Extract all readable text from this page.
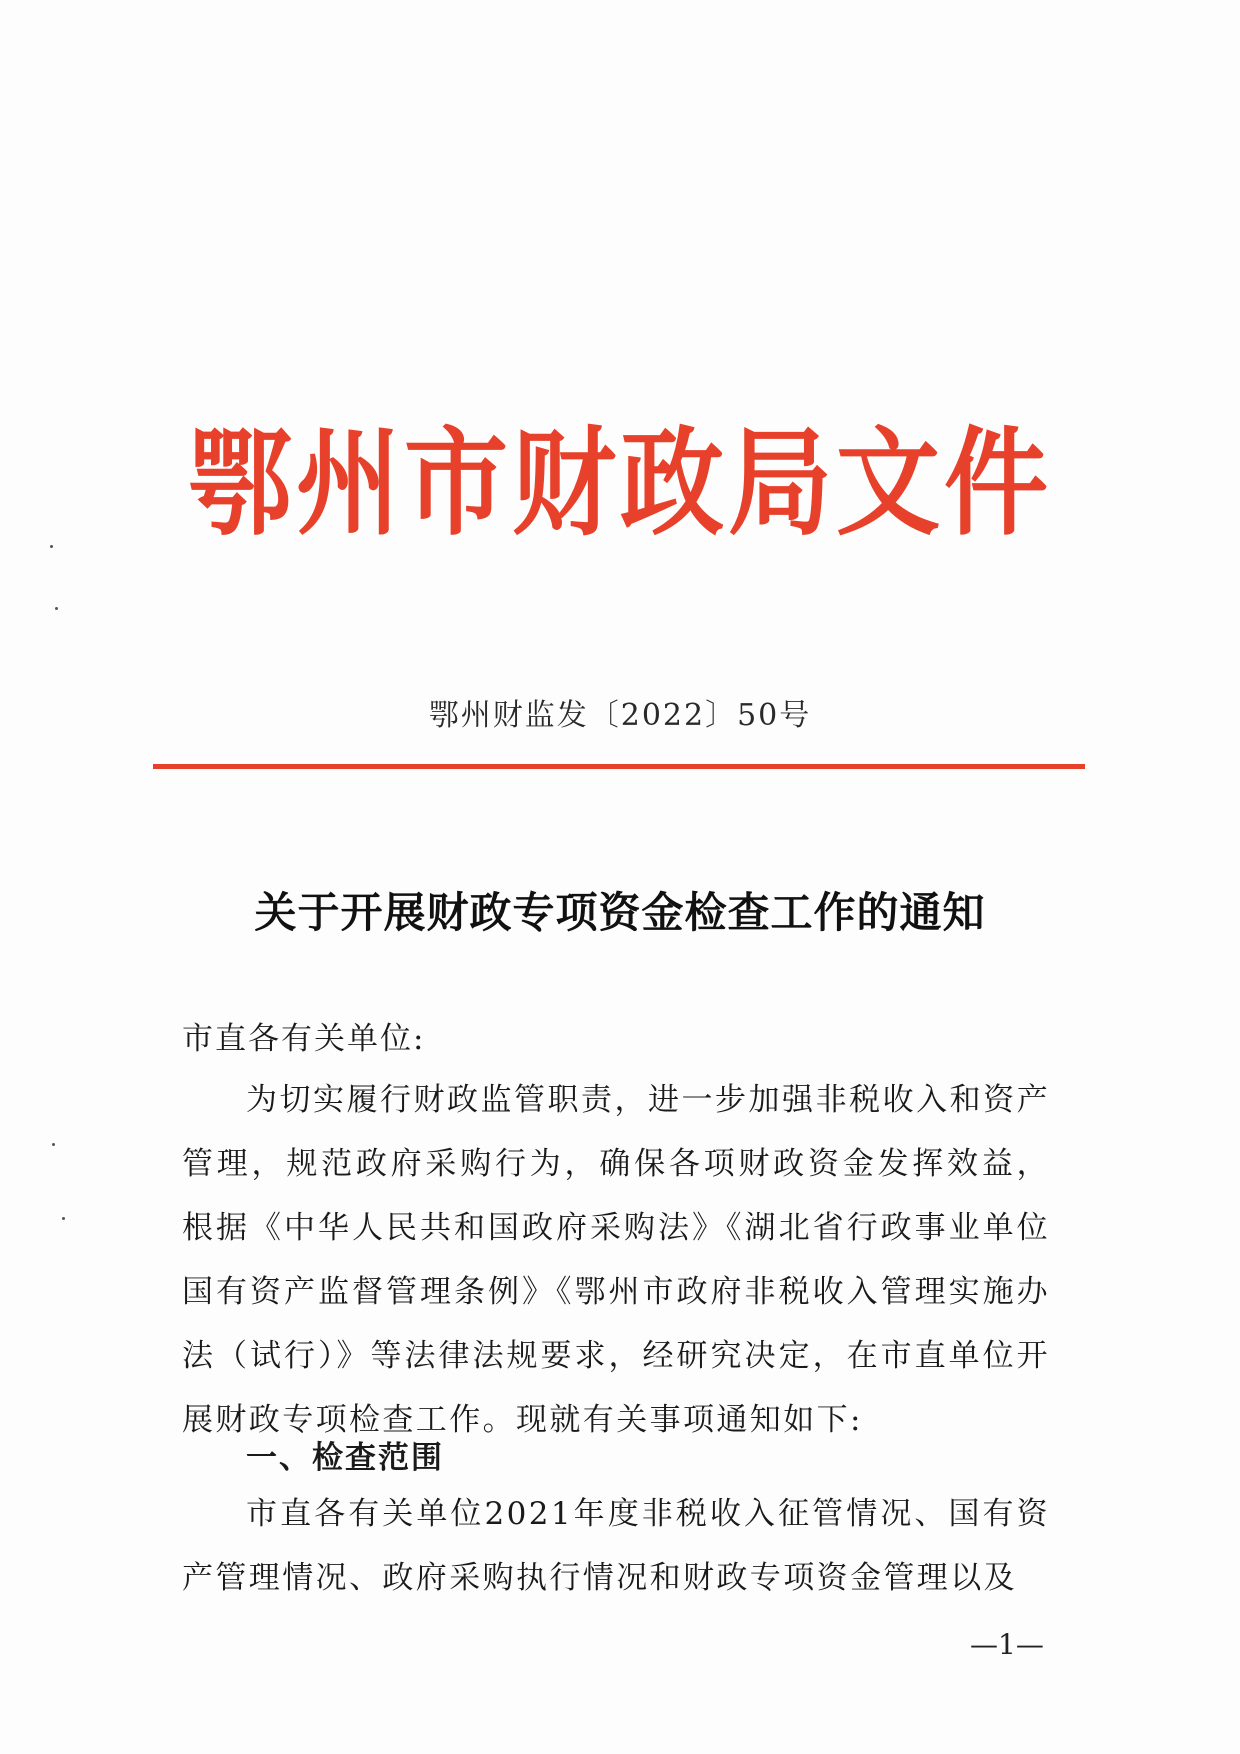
鄂州市财政局文件
鄂州财监发〔2022〕50号
关于开展财政专项资金检查工作的通知
市直各有关单位:
为切实履行财政监管职责，进一步加强非税收入和资产管理，规范政府采购行为，确保各项财政资金发挥效益，根据《中华人民共和国政府采购法》《湖北省行政事业单位国有资产监督管理条例》《鄂州市政府非税收入管理实施办法（试行）》等法律法规要求，经研究决定，在市直单位开展财政专项检查工作。现就有关事项通知如下:
一、检查范围
市直各有关单位2021年度非税收入征管情况、国有资产管理情况、政府采购执行情况和财政专项资金管理以及
—1—
